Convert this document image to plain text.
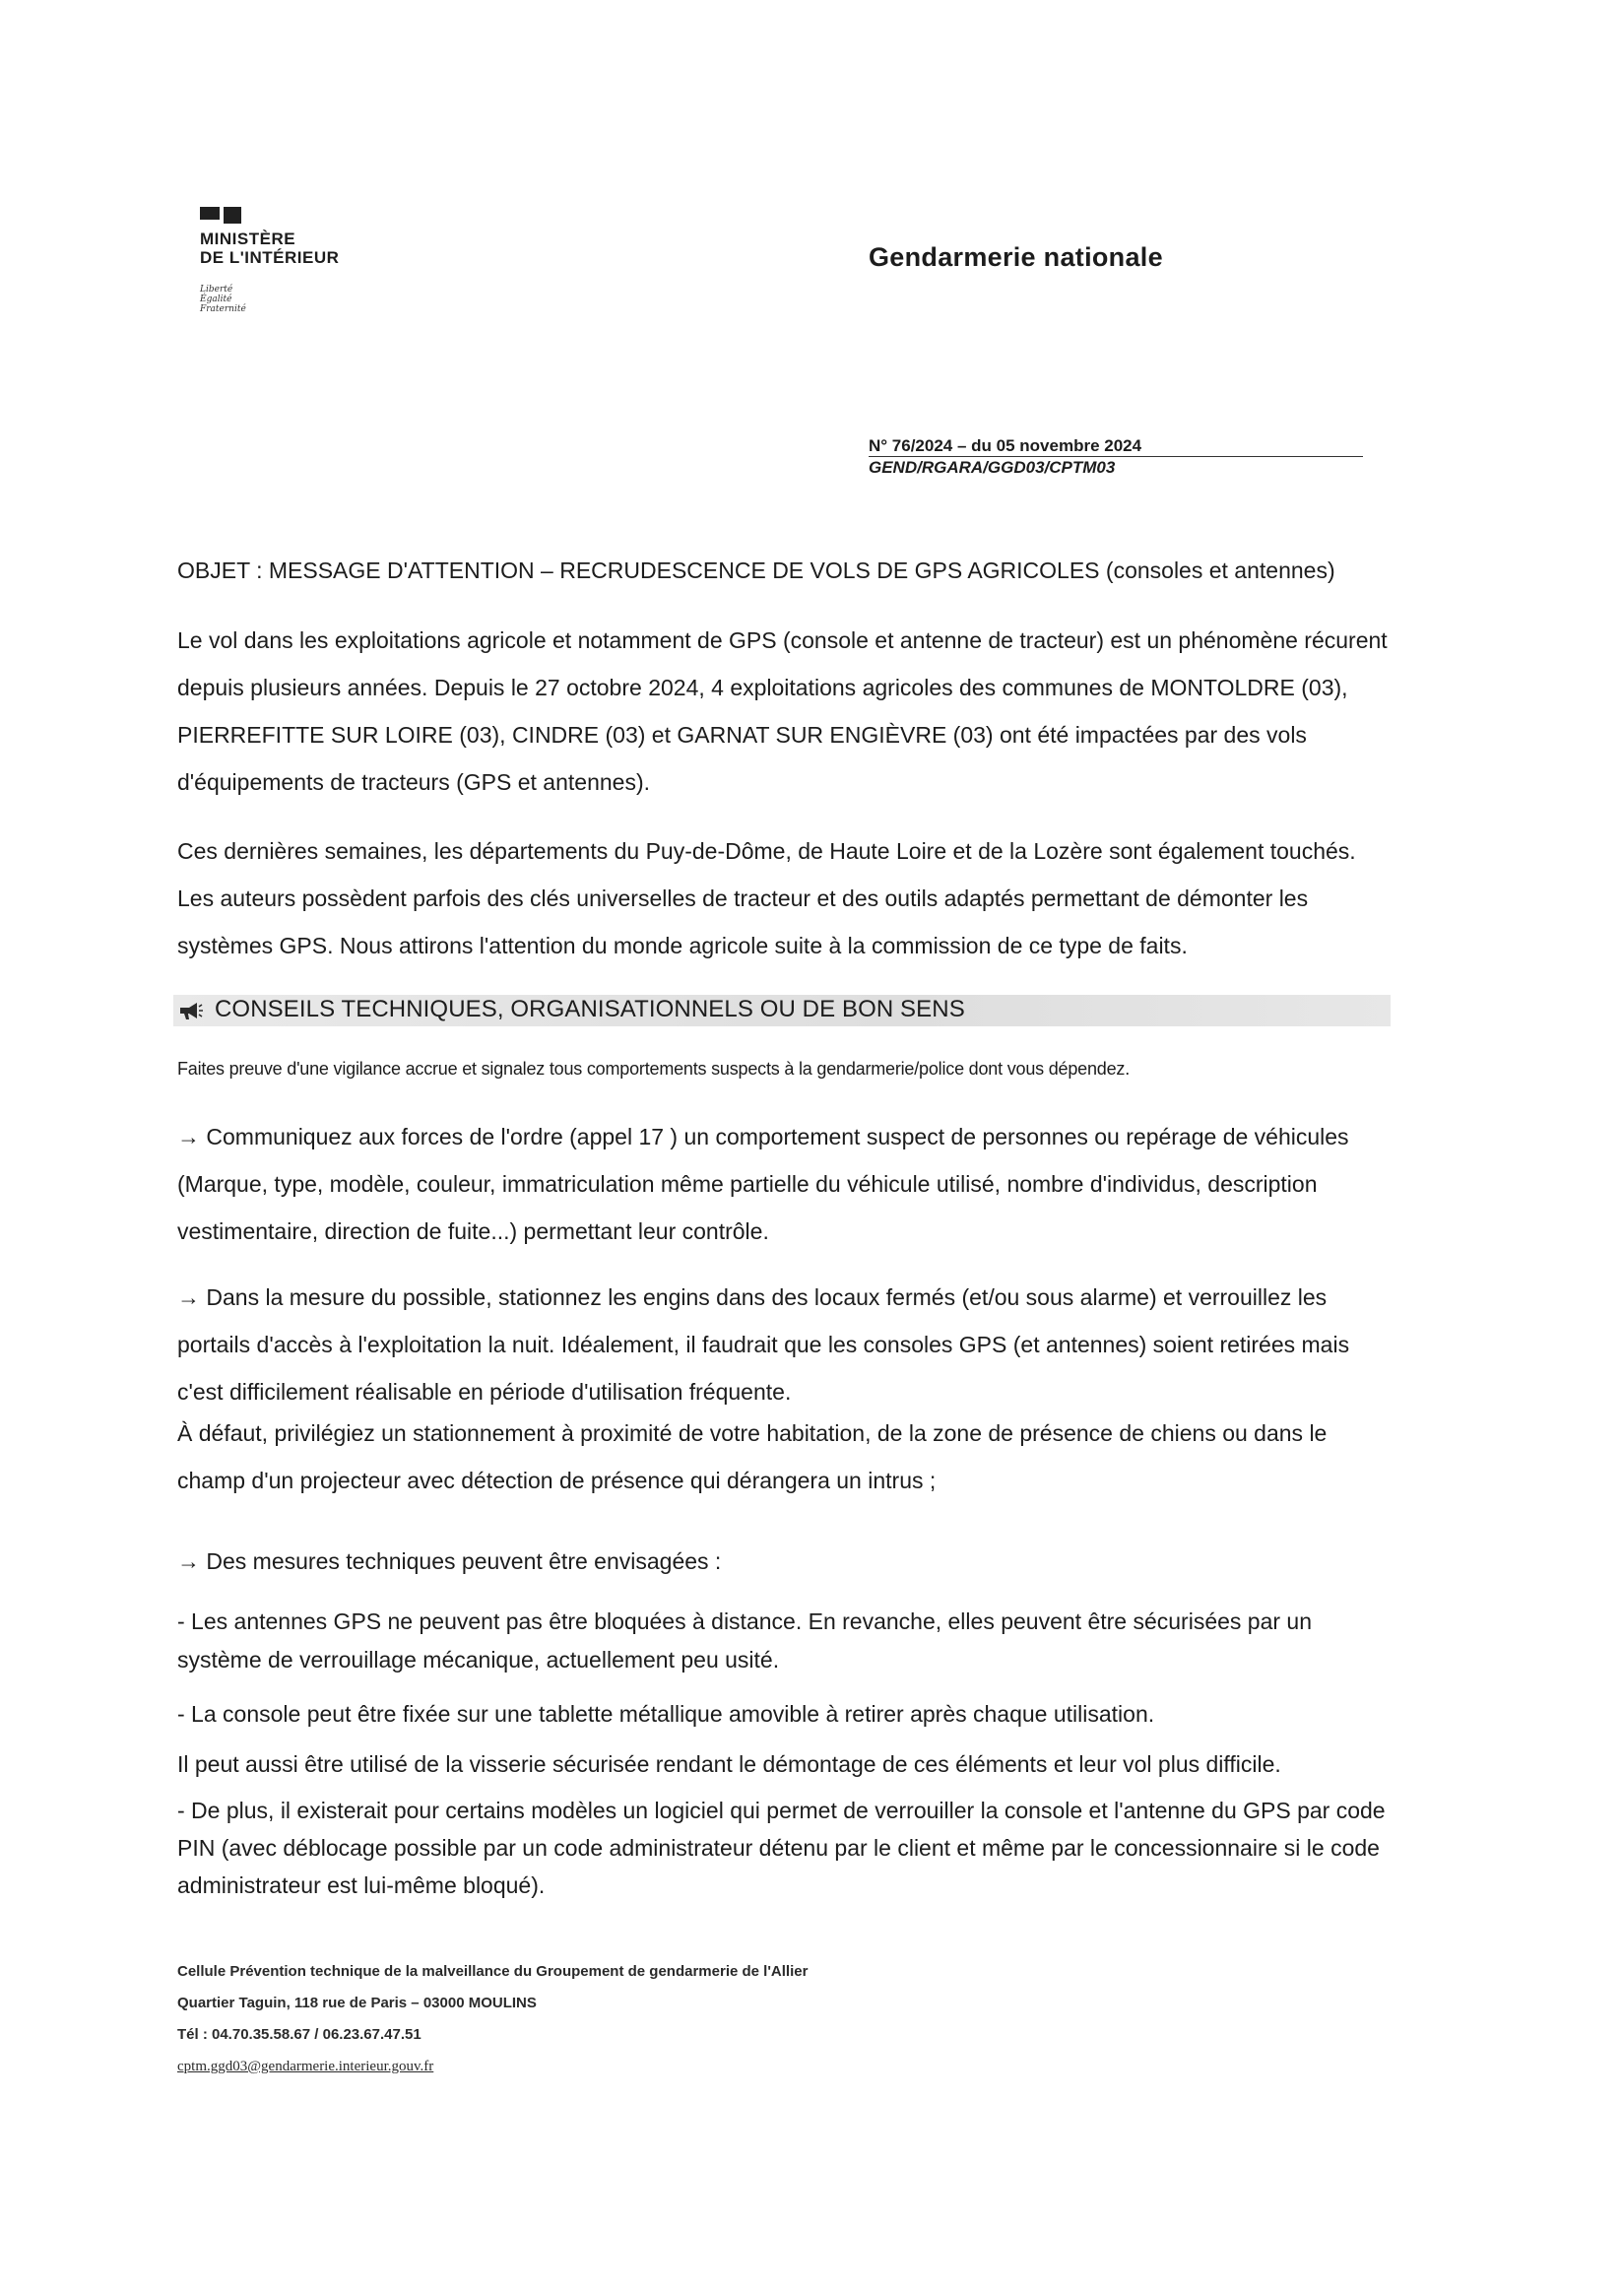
MINISTÈRE
DE L'INTÉRIEUR
Liberté
Égalité
Fraternité
Gendarmerie nationale
N° 76/2024 – du 05 novembre 2024
GEND/RGARA/GGD03/CPTM03
OBJET : MESSAGE D'ATTENTION – RECRUDESCENCE DE VOLS DE GPS AGRICOLES (consoles et antennes)
Le vol dans les exploitations agricole et notamment de GPS (console et antenne de tracteur) est un phénomène récurent depuis plusieurs années. Depuis le 27 octobre 2024, 4 exploitations agricoles des communes de MONTOLDRE (03), PIERREFITTE SUR LOIRE (03), CINDRE (03) et GARNAT SUR ENGIÈVRE (03) ont été impactées par des vols d'équipements de tracteurs (GPS et antennes).
Ces dernières semaines, les départements du Puy-de-Dôme, de Haute Loire et de la Lozère sont également touchés. Les auteurs possèdent parfois des clés universelles de tracteur et des outils adaptés permettant de démonter les systèmes GPS. Nous attirons l'attention du monde agricole suite à la commission de ce type de faits.
CONSEILS TECHNIQUES, ORGANISATIONNELS OU DE BON SENS
Faites preuve d'une vigilance accrue et signalez tous comportements suspects à la gendarmerie/police dont vous dépendez.
→ Communiquez aux forces de l'ordre (appel 17 ) un comportement suspect de personnes ou repérage de véhicules (Marque, type, modèle, couleur, immatriculation même partielle du véhicule utilisé, nombre d'individus, description vestimentaire, direction de fuite...) permettant leur contrôle.
→ Dans la mesure du possible, stationnez les engins dans des locaux fermés (et/ou sous alarme) et verrouillez les portails d'accès à l'exploitation la nuit. Idéalement, il faudrait que les consoles GPS (et antennes) soient retirées mais c'est difficilement réalisable en période d'utilisation fréquente.
À défaut, privilégiez un stationnement à proximité de votre habitation, de la zone de présence de chiens ou dans le champ d'un projecteur avec détection de présence qui dérangera un intrus ;
→ Des mesures techniques peuvent être envisagées :
- Les antennes GPS ne peuvent pas être bloquées à distance. En revanche, elles peuvent être sécurisées par un système de verrouillage mécanique, actuellement peu usité.
- La console peut être fixée sur une tablette métallique amovible à retirer après chaque utilisation.
Il peut aussi être utilisé de la visserie sécurisée rendant le démontage de ces éléments et leur vol plus difficile.
- De plus, il existerait pour certains modèles un logiciel qui permet de verrouiller la console et l'antenne du GPS par code PIN (avec déblocage possible par un code administrateur détenu par le client et même par le concessionnaire si le code administrateur est lui-même bloqué).
Cellule Prévention technique de la malveillance du Groupement de gendarmerie de l'Allier
Quartier Taguin, 118 rue de Paris – 03000 MOULINS
Tél : 04.70.35.58.67 / 06.23.67.47.51
cptm.ggd03@gendarmerie.interieur.gouv.fr
